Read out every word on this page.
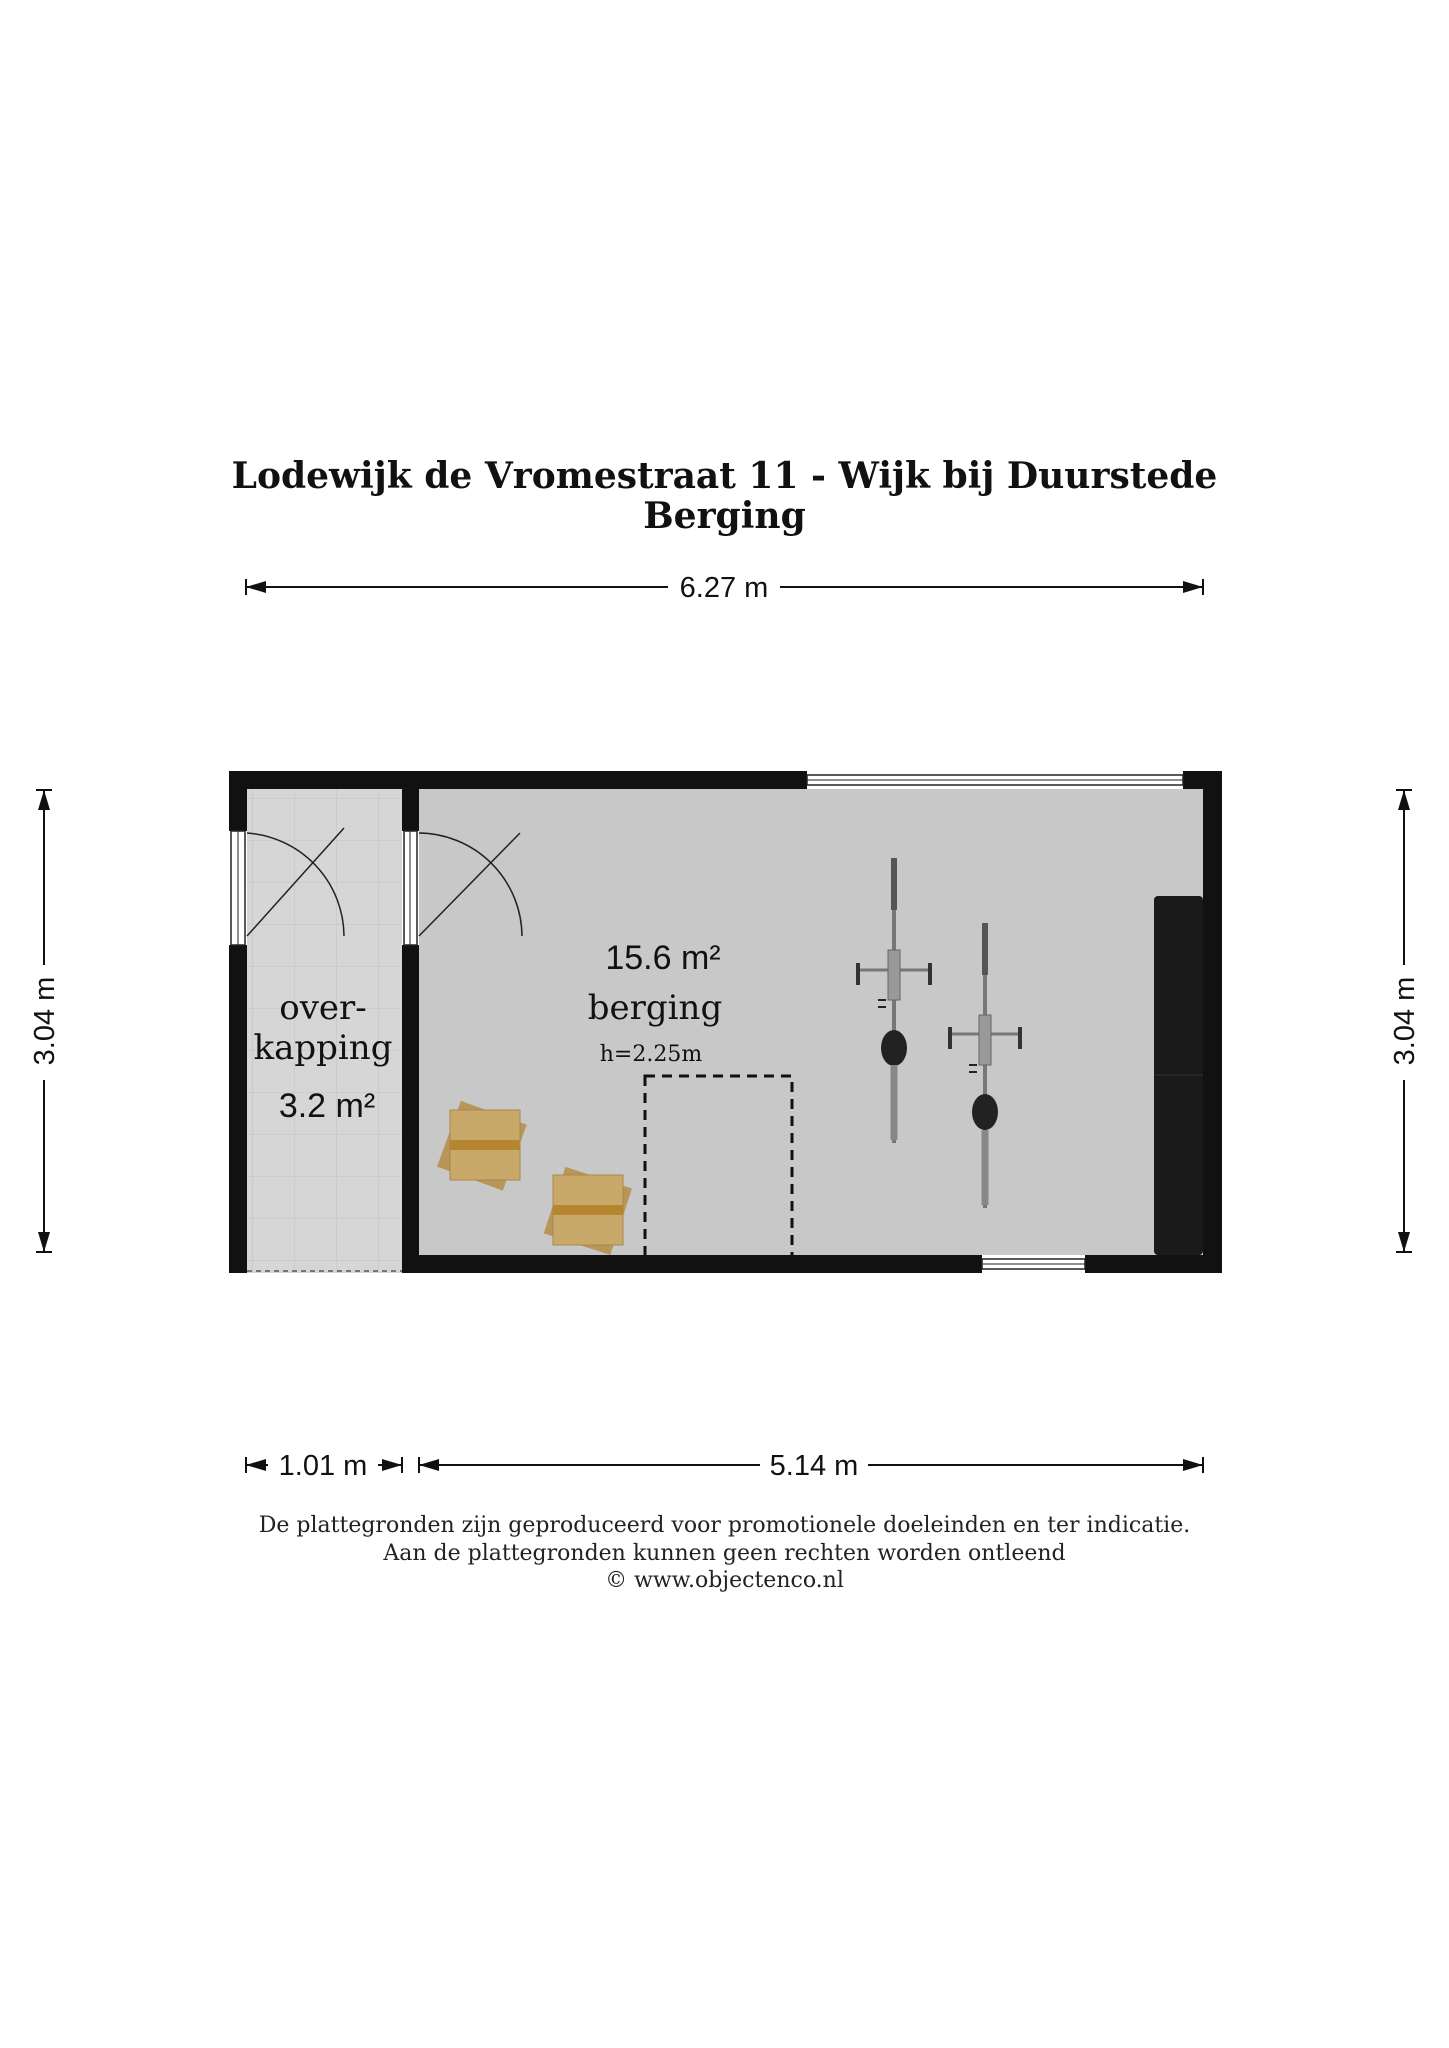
Lodewijk de Vromestraat 11 - Wijk bij Duurstede
Berging
6.27 m
3.04 m	3.04 m
over-
kapping
3.2 m²
15.6 m²
berging
h=2.25m
1.01 m	5.14 m
De plattegronden zijn geproduceerd voor promotionele doeleinden en ter indicatie.
Aan de plattegronden kunnen geen rechten worden ontleend
© www.objectenco.nl
